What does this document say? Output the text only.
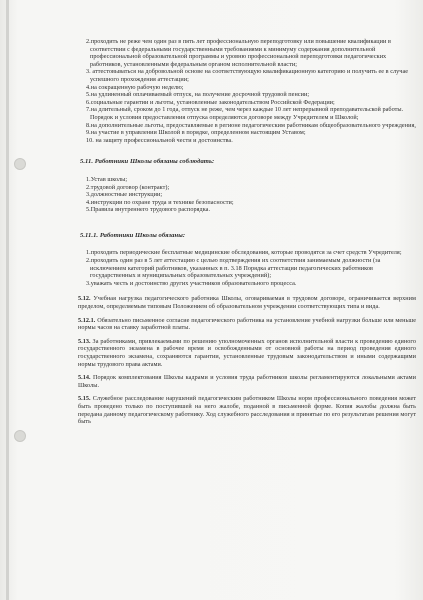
2.проходить не реже чем один раз в пять лет профессиональную переподготовку или повышение квалификации в соответствии с федеральными государственными требованиями к минимуму содержания дополнительной профессиональной образовательной программы и уровню профессиональной переподготовки педагогических работников, установленными федеральным органом исполнительной власти;

3. аттестовываться на добровольной основе на соответствующую квалификационную категорию и получить ее в случае успешного прохождения аттестации;

4.на сокращенную рабочую неделю;

5.на удлиненный оплачиваемый отпуск, на получение досрочной трудовой пенсии;

6.социальные гарантии и льготы, установленные законодательством Российской Федерации;

7.на длительный, сроком до 1 года, отпуск не реже, чем через каждые 10 лет непрерывной преподавательской работы. Порядок и условия предоставления отпуска определяются договоре между Учредителем и Школой;

8.на дополнительные льготы, предоставляемые в регионе педагогическим работникам общеобразовательного учреждения,

9.на участие в управлении Школой в порядке, определенном настоящим Уставом;

10. на защиту профессиональной чести и достоинства.

5.11. Работники Школы обязаны соблюдать:

1.Устав школы;

2.трудовой договор (контракт);

3.должностные инструкции;

4.инструкции по охране труда и технике безопасности;

5.Правила внутреннего трудового распорядка.

5.11.1. Работники Школы обязаны:

1.проходить периодические бесплатные медицинские обследования, которые проводятся за счет средств Учредителя;

2.проходить один раз в 5 лет аттестацию с целью подтверждения их соответствия занимаемым должности (за исключением категорий работников, указанных в п. 3.18 Порядка аттестации педагогических работников государственных и муниципальных образовательных учреждений);

3.уважать честь и достоинство других участников образовательного процесса.

5.12. Учебная нагрузка педагогического работника Школы, оговариваемая в трудовом договоре, ограничивается верхним пределом, определяемым типовым Положением об образовательном учреждении соответствующих типа и вида.

5.12.1. Обязательно письменное согласие педагогического работника на установление учебной нагрузки больше или меньше нормы часов на ставку заработной платы.

5.13. За работниками, привлекаемыми по решению уполномоченных органов исполнительной власти к проведению единого государственного экзамена в рабочее время и освобожденными от основной работы на период проведения единого государственного экзамена, сохраняются гарантии, установленные трудовым законодательством и иными содержащими нормы трудового права актами.

5.14. Порядок комплектования Школы кадрами и условия труда работников школы регламентируются локальными актами Школы.

5.15. Служебное расследование нарушений педагогическим работником Школы норм профессионального поведения может быть проведено только по поступившей на него жалобе, поданной в письменной форме. Копия жалобы должна быть передана данному педагогическому работнику. Ход служебного расследования и принятые по его результатам решения могут быть
